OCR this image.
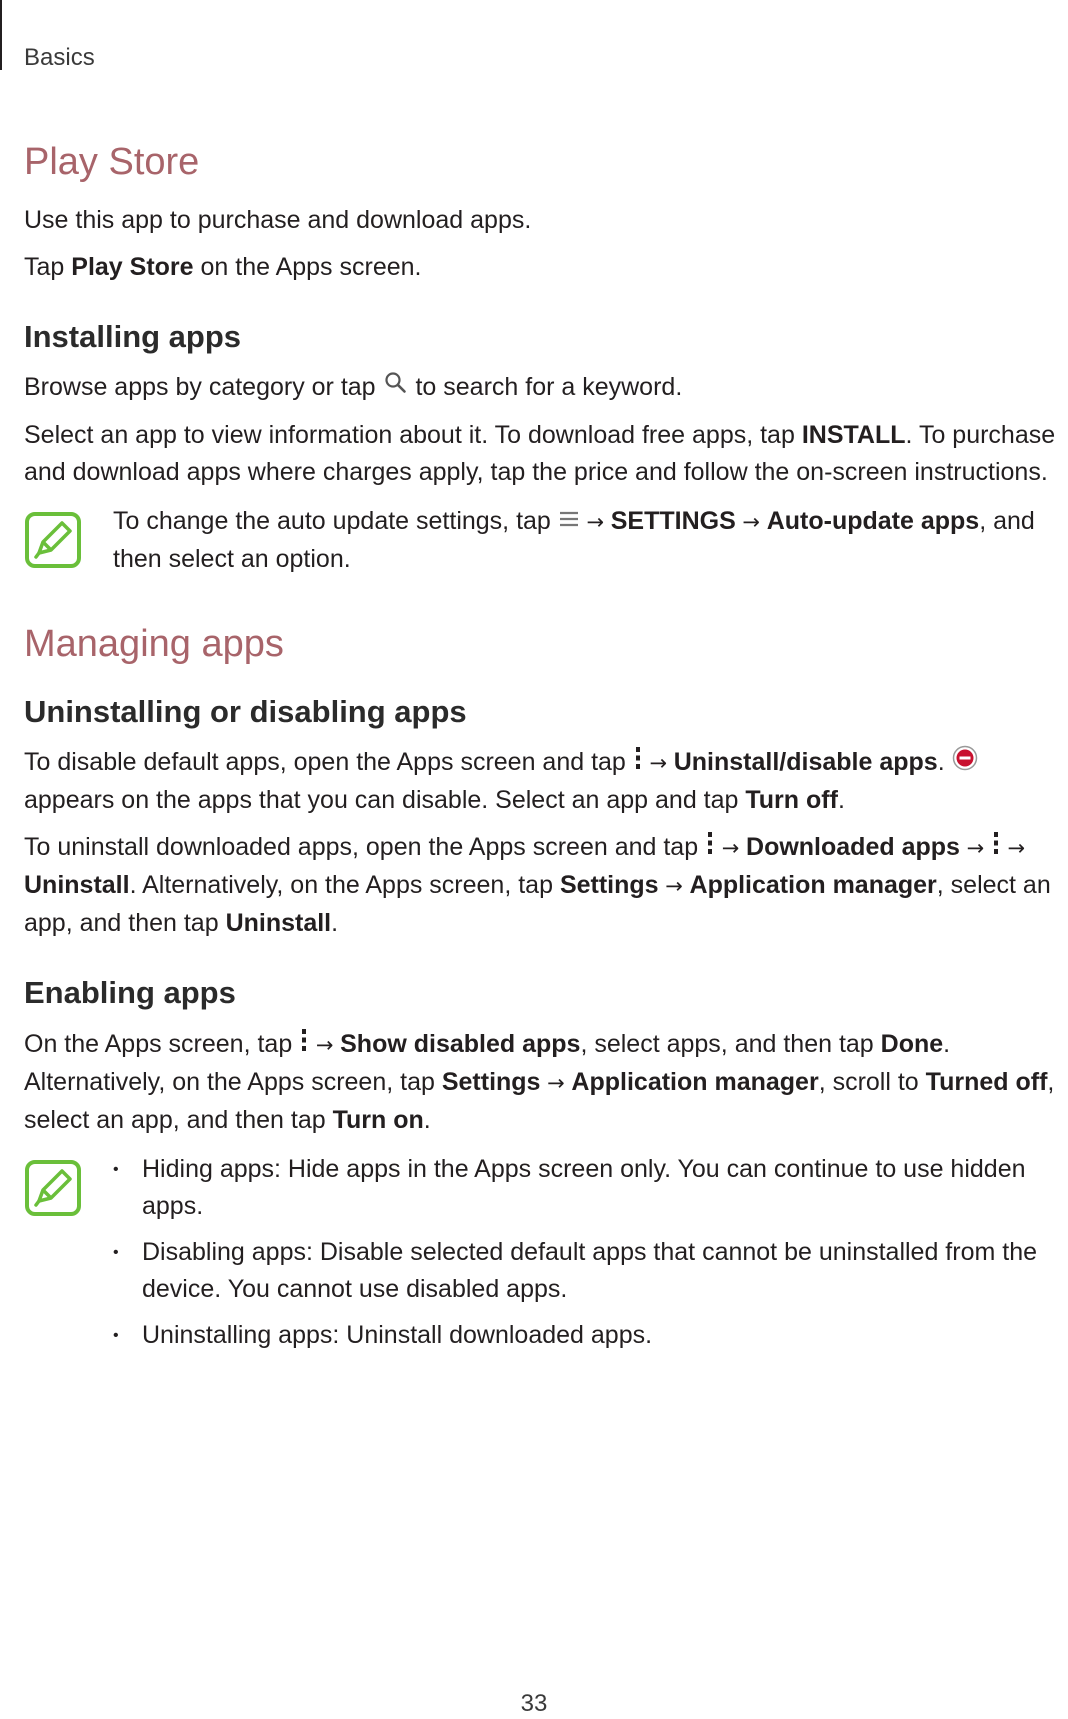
Basics
Play Store

Use this app to purchase and download apps.

Tap Play Store on the Apps screen.

Installing apps

Browse apps by category or tap  to search for a keyword.

Select an app to view information about it. To download free apps, tap INSTALL. To purchase and download apps where charges apply, tap the price and follow the on-screen instructions.

To change the auto update settings, tap  → SETTINGS → Auto-update apps, and then select an option.

Managing apps
Uninstalling or disabling apps

To disable default apps, open the Apps screen and tap  → Uninstall/disable apps.  appears on the apps that you can disable. Select an app and tap Turn off.

To uninstall downloaded apps, open the Apps screen and tap  → Downloaded apps →  → Uninstall. Alternatively, on the Apps screen, tap Settings → Application manager, select an app, and then tap Uninstall.

Enabling apps

On the Apps screen, tap  → Show disabled apps, select apps, and then tap Done. Alternatively, on the Apps screen, tap Settings → Application manager, scroll to Turned off, select an app, and then tap Turn on.

• Hiding apps: Hide apps in the Apps screen only. You can continue to use hidden apps.
• Disabling apps: Disable selected default apps that cannot be uninstalled from the device. You cannot use disabled apps.
• Uninstalling apps: Uninstall downloaded apps.
33
